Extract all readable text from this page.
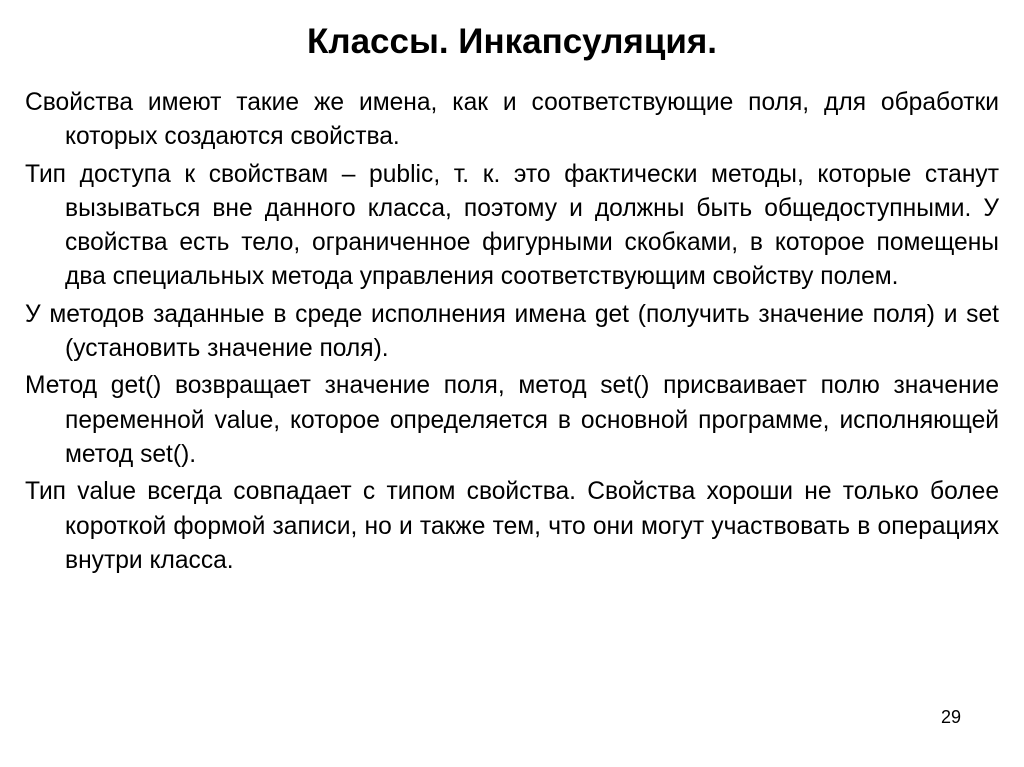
Классы. Инкапсуляция.

Свойства имеют такие же имена, как и соответствующие поля, для обработки которых создаются свойства.

Тип доступа к свойствам – public, т. к. это фактически методы, которые станут вызываться вне данного класса, поэтому и должны быть общедоступными. У свойства есть тело, ограниченное фигурными скобками, в которое помещены два специальных метода управления соответствующим свойству полем.

У методов заданные в среде исполнения имена get (получить значение поля) и set (установить значение поля).

Метод get() возвращает значение поля, метод set() присваивает полю значение переменной value, которое определяется в основной программе, исполняющей метод set().

Тип value всегда совпадает с типом свойства. Свойства хороши не только более короткой формой записи, но и также тем, что они могут участвовать в операциях внутри класса.

29
